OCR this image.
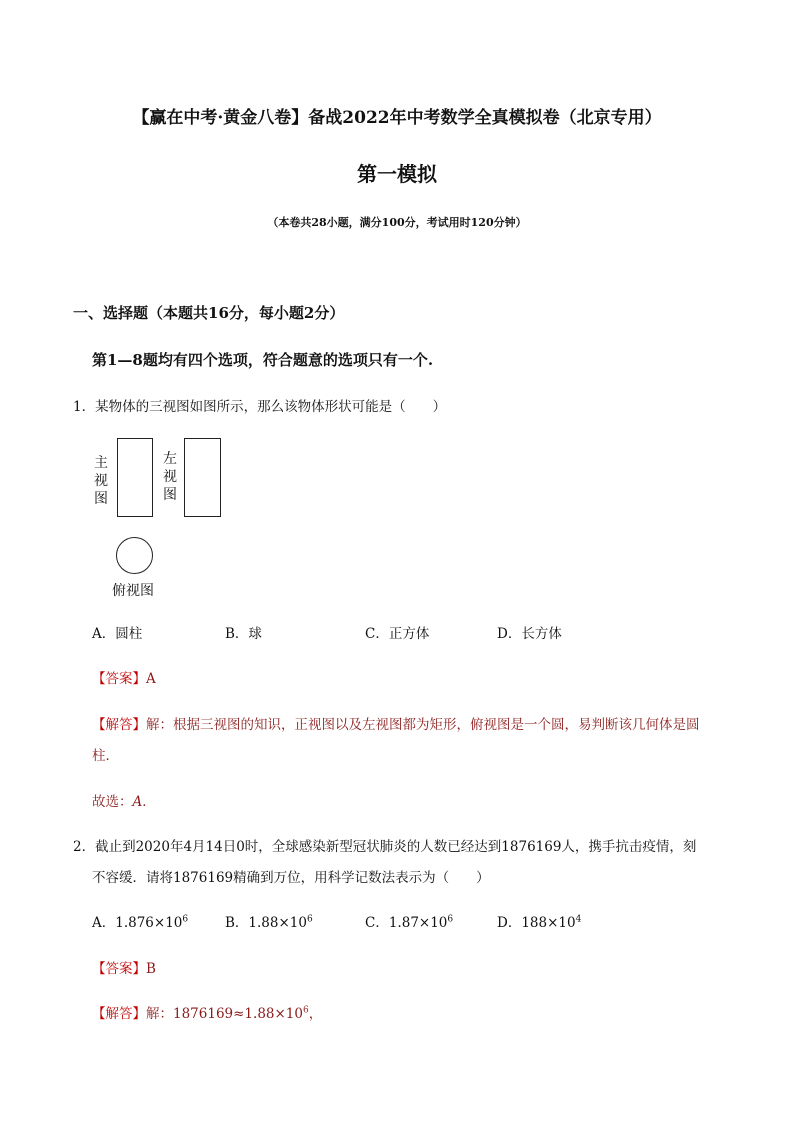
【赢在中考·黄金八卷】备战2022年中考数学全真模拟卷（北京专用）
第一模拟
（本卷共28小题，满分100分，考试用时120分钟）
一、选择题（本题共16分，每小题2分）
第1—8题均有四个选项，符合题意的选项只有一个.
1．某物体的三视图如图所示，那么该物体形状可能是（　　）
主视图
左视图
俯视图
A．圆柱	B．球	C．正方体	D．长方体
【答案】A
【解答】解：根据三视图的知识，正视图以及左视图都为矩形，俯视图是一个圆，易判断该几何体是圆
柱．
故选：A．
2．截止到2020年4月14日0时，全球感染新型冠状肺炎的人数已经达到1876169人，携手抗击疫情，刻
不容缓．请将1876169精确到万位，用科学记数法表示为（　　）
A．$1.876\times 10^6$	B．$1.88\times 10^6$	C．$1.87\times 10^6$	D．$188\times 10^4$
【答案】B
【解答】解：$1876169\approx 1.88\times 10^6$，
